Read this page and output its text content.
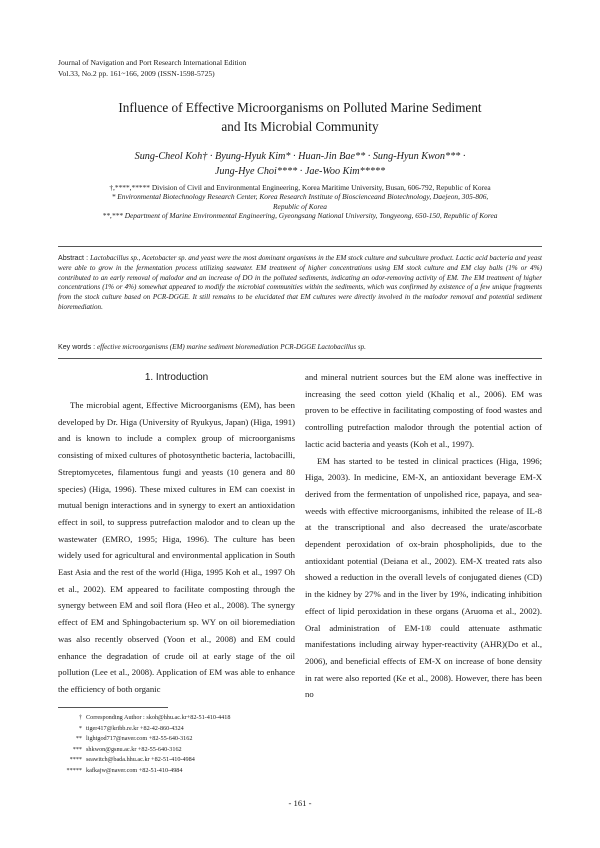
Journal of Navigation and Port Research International Edition
Vol.33, No.2 pp. 161~166, 2009 (ISSN-1598-5725)
Influence of Effective Microorganisms on Polluted Marine Sediment
and Its Microbial Community
Sung-Cheol Koh† · Byung-Hyuk Kim* · Huan-Jin Bae** · Sung-Hyun Kwon*** ·
Jung-Hye Choi**** · Jae-Woo Kim*****
†,****,***** Division of Civil and Environmental Engineering, Korea Maritime University, Busan, 606-792, Republic of Korea
* Environmental Biotechnology Research Center, Korea Research Institute of Bioscienceand Biotechnology, Daejeon, 305-806,
Republic of Korea
**,*** Department of Marine Environmental Engineering, Gyeongsang National University, Tongyeong, 650-150, Republic of Korea
Abstract : Lactobacillus sp., Acetobacter sp. and yeast were the most dominant organisms in the EM stock culture and subculture product. Lactic acid bacteria and yeast were able to grow in the fermentation process utilizing seawater. EM treatment of higher concentrations using EM stock culture and EM clay balls (1% or 4%) contributed to an early removal of malodor and an increase of DO in the polluted sediments, indicating an odor-removing activity of EM. The EM treatment of higher concentrations (1% or 4%) somewhat appeared to modify the microbial communities within the sediments, which was confirmed by existence of a few unique fragments from the stock culture based on PCR-DGGE. It still remains to be elucidated that EM cultures were directly involved in the malodor removal and potential sediment bioremediation.
Key words : effective microorganisms (EM) marine sediment bioremediation PCR-DGGE Lactobacillus sp.
1. Introduction

The microbial agent, Effective Microorganisms (EM), has been developed by Dr. Higa (University of Ryukyus, Japan) (Higa, 1991) and is known to include a complex group of microorganisms consisting of mixed cultures of photosynthetic bacteria, lactobacilli, Streptomycetes, filamentous fungi and yeasts (10 genera and 80 species) (Higa, 1996). These mixed cultures in EM can coexist in mutual benign interactions and in synergy to exert an antioxidation effect in soil, to suppress putrefaction malodor and to clean up the wastewater (EMRO, 1995; Higa, 1996). The culture has been widely used for agricultural and environmental application in South East Asia and the rest of the world (Higa, 1995 Koh et al., 1997 Oh et al., 2002). EM appeared to facilitate composting through the synergy between EM and soil flora (Heo et al., 2008). The synergy effect of EM and Sphingobacterium sp. WY on oil bioremediation was also recently observed (Yoon et al., 2008) and EM could enhance the degradation of crude oil at early stage of the oil pollution (Lee et al., 2008). Application of EM was able to enhance the efficiency of both organic

and mineral nutrient sources but the EM alone was ineffective in increasing the seed cotton yield (Khaliq et al., 2006). EM was proven to be effective in facilitating composting of food wastes and controlling putrefaction malodor through the potential action of lactic acid bacteria and yeasts (Koh et al., 1997).

EM has started to be tested in clinical practices (Higa, 1996; Higa, 2003). In medicine, EM-X, an antioxidant beverage EM-X derived from the fermentation of unpolished rice, papaya, and sea-weeds with effective microorganisms, inhibited the release of IL-8 at the transcriptional and also decreased the urate/ascorbate dependent peroxidation of ox-brain phospholipids, due to the antioxidant potential (Deiana et al., 2002). EM-X treated rats also showed a reduction in the overall levels of conjugated dienes (CD) in the kidney by 27% and in the liver by 19%, indicating inhibition effect of lipid peroxidation in these organs (Aruoma et al., 2002). Oral administration of EM-1® could attenuate asthmatic manifestations including airway hyper-reactivity (AHR)(Do et al., 2006), and beneficial effects of EM-X on increase of bone density in rat were also reported (Ke et al., 2008). However, there has been no

† Corresponding Author : skoh@hhu.ac.kr+82-51-410-4418
* tiger417@kribb.re.kr +82-42-860-4324
** lightgod717@naver.com +82-55-640-3162
*** shkwon@gsnu.ac.kr +82-55-640-3162
**** seawitch@bada.hhu.ac.kr +82-51-410-4984
***** kafkajw@naver.com +82-51-410-4984
- 161 -
